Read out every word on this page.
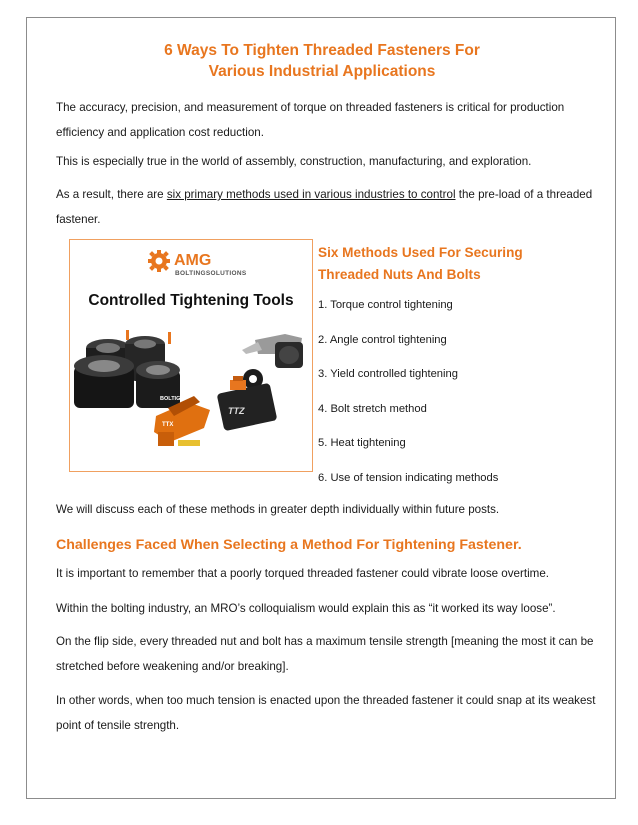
6 Ways To Tighten Threaded Fasteners For
Various Industrial Applications

The accuracy, precision, and measurement of torque on threaded fasteners is critical for production efficiency and application cost reduction.

This is especially true in the world of assembly, construction, manufacturing, and exploration.

As a result, there are six primary methods used in various industries to control the pre-load of a threaded fastener.

AMG
BOLTINGSOLUTIONS
Controlled Tightening Tools
BOLTIGHT
TTZ
TTX
Six Methods Used For Securing
Threaded Nuts And Bolts
1. Torque control tightening
2. Angle control tightening
3. Yield controlled tightening
4. Bolt stretch method
5. Heat tightening
6. Use of tension indicating methods

We will discuss each of these methods in greater depth individually within future posts.

Challenges Faced When Selecting a Method For Tightening Fastener.

It is important to remember that a poorly torqued threaded fastener could vibrate loose overtime.

Within the bolting industry, an MRO’s colloquialism would explain this as “it worked its way loose”.

On the flip side, every threaded nut and bolt has a maximum tensile strength [meaning the most it can be stretched before weakening and/or breaking].

In other words, when too much tension is enacted upon the threaded fastener it could snap at its weakest point of tensile strength.
